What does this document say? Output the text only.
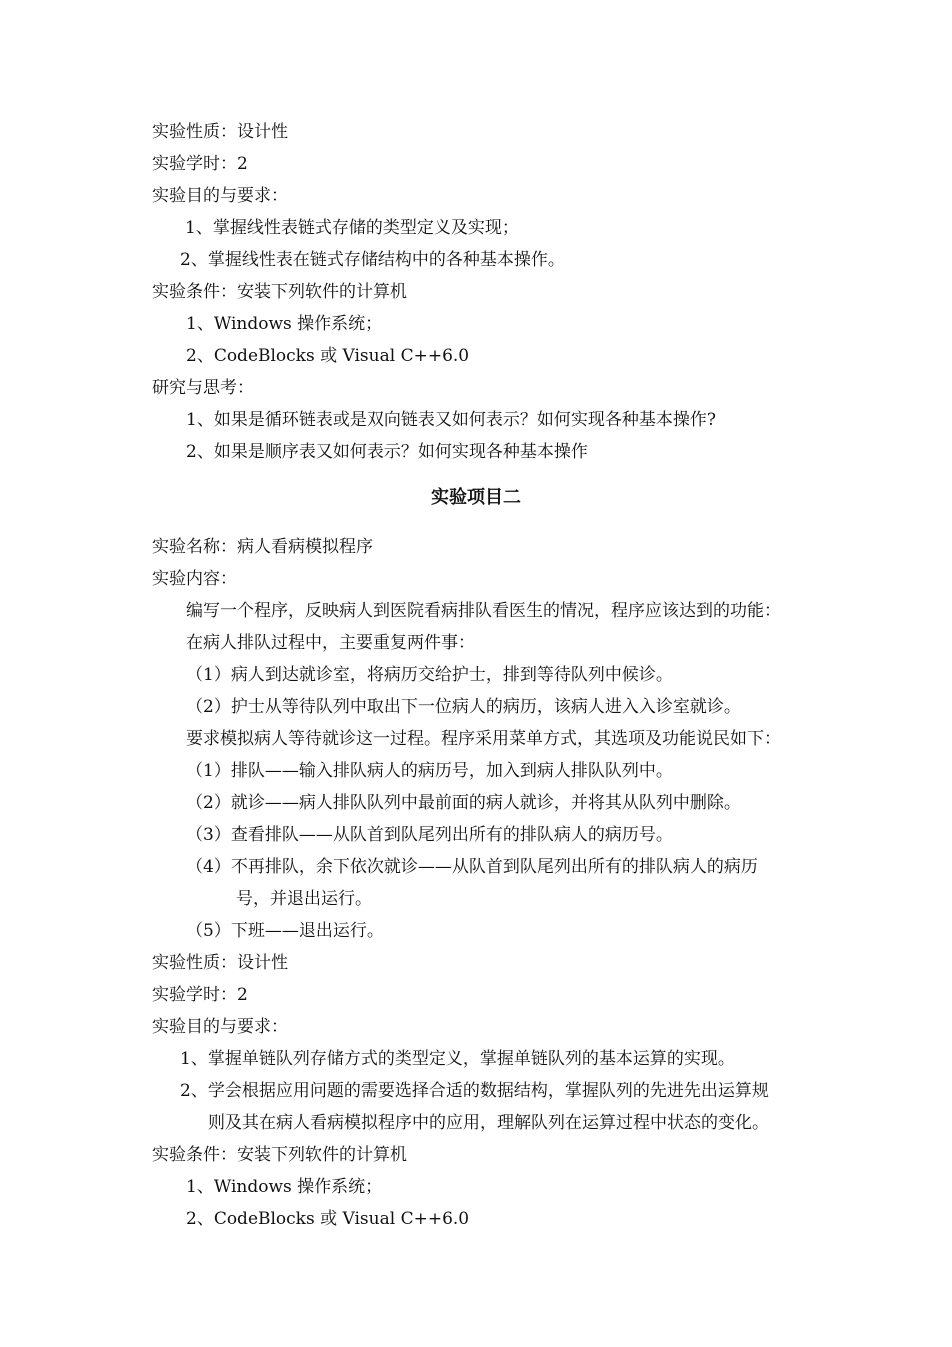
实验性质：设计性
实验学时：2
实验目的与要求：
1、掌握线性表链式存储的类型定义及实现；
2、掌握线性表在链式存储结构中的各种基本操作。
实验条件：安装下列软件的计算机
1、Windows 操作系统；
2、CodeBlocks 或 Visual C++6.0
研究与思考：
1、如果是循环链表或是双向链表又如何表示？如何实现各种基本操作?
2、如果是顺序表又如何表示？如何实现各种基本操作
实验项目二
实验名称：病人看病模拟程序
实验内容：
编写一个程序，反映病人到医院看病排队看医生的情况，程序应该达到的功能：
在病人排队过程中，主要重复两件事：
（1）病人到达就诊室，将病历交给护士，排到等待队列中候诊。
（2）护士从等待队列中取出下一位病人的病历，该病人进入入诊室就诊。
要求模拟病人等待就诊这一过程。程序采用菜单方式，其选项及功能说民如下：
（1）排队——输入排队病人的病历号，加入到病人排队队列中。
（2）就诊——病人排队队列中最前面的病人就诊，并将其从队列中删除。
（3）查看排队——从队首到队尾列出所有的排队病人的病历号。
（4）不再排队，余下依次就诊——从队首到队尾列出所有的排队病人的病历
号，并退出运行。
（5）下班——退出运行。
实验性质：设计性
实验学时：2
实验目的与要求：
1、掌握单链队列存储方式的类型定义，掌握单链队列的基本运算的实现。
2、学会根据应用问题的需要选择合适的数据结构，掌握队列的先进先出运算规
则及其在病人看病模拟程序中的应用，理解队列在运算过程中状态的变化。
实验条件：安装下列软件的计算机
1、Windows 操作系统；
2、CodeBlocks 或 Visual C++6.0
